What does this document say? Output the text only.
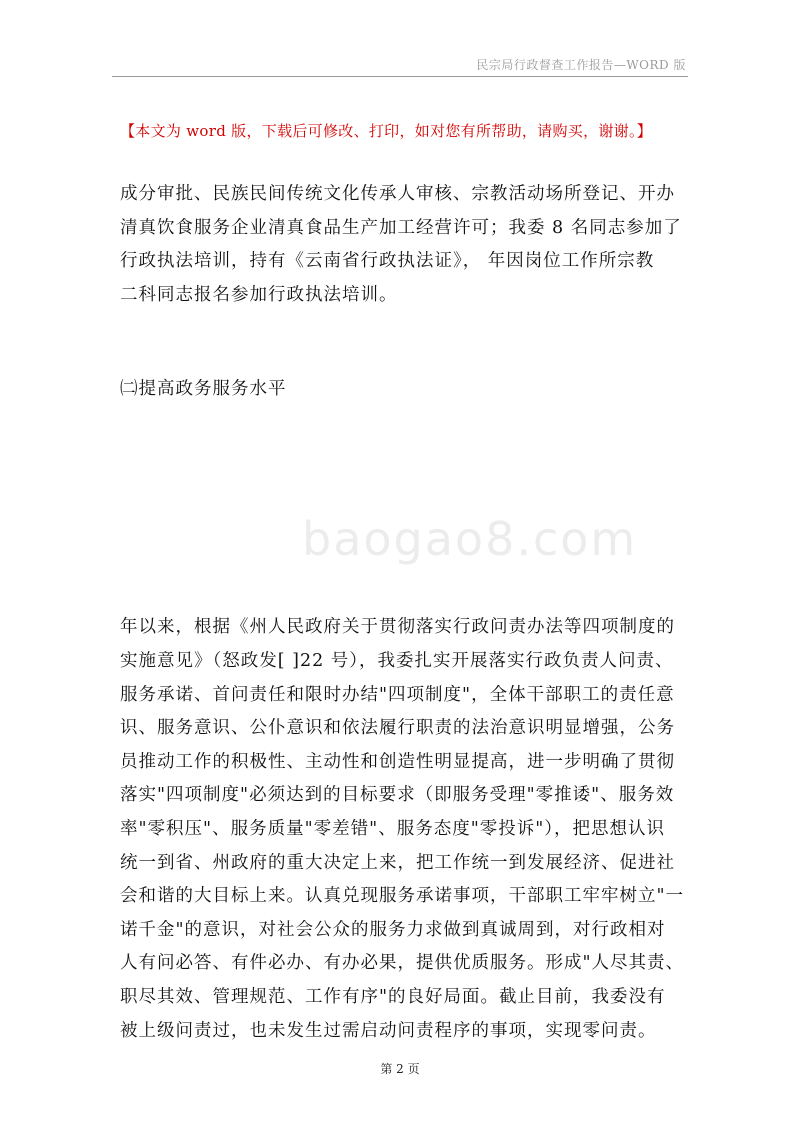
民宗局行政督查工作报告—WORD 版
【本文为 word 版，下载后可修改、打印，如对您有所帮助，请购买，谢谢。】
baogao8.com
成分审批、民族民间传统文化传承人审核、宗教活动场所登记、开办
清真饮食服务企业清真食品生产加工经营许可；我委 8 名同志参加了
行政执法培训，持有《云南省行政执法证》， 年因岗位工作所宗教
二科同志报名参加行政执法培训。
㈡提高政务服务水平
年以来，根据《州人民政府关于贯彻落实行政问责办法等四项制度的
实施意见》（怒政发[ ]22 号），我委扎实开展落实行政负责人问责、
服务承诺、首问责任和限时办结"四项制度"，全体干部职工的责任意
识、服务意识、公仆意识和依法履行职责的法治意识明显增强，公务
员推动工作的积极性、主动性和创造性明显提高，进一步明确了贯彻
落实"四项制度"必须达到的目标要求（即服务受理"零推诿"、服务效
率"零积压"、服务质量"零差错"、服务态度"零投诉"），把思想认识
统一到省、州政府的重大决定上来，把工作统一到发展经济、促进社
会和谐的大目标上来。认真兑现服务承诺事项，干部职工牢牢树立"一
诺千金"的意识，对社会公众的服务力求做到真诚周到，对行政相对
人有问必答、有件必办、有办必果，提供优质服务。形成"人尽其责、
职尽其效、管理规范、工作有序"的良好局面。截止目前，我委没有
被上级问责过，也未发生过需启动问责程序的事项，实现零问责。
第 2 页
